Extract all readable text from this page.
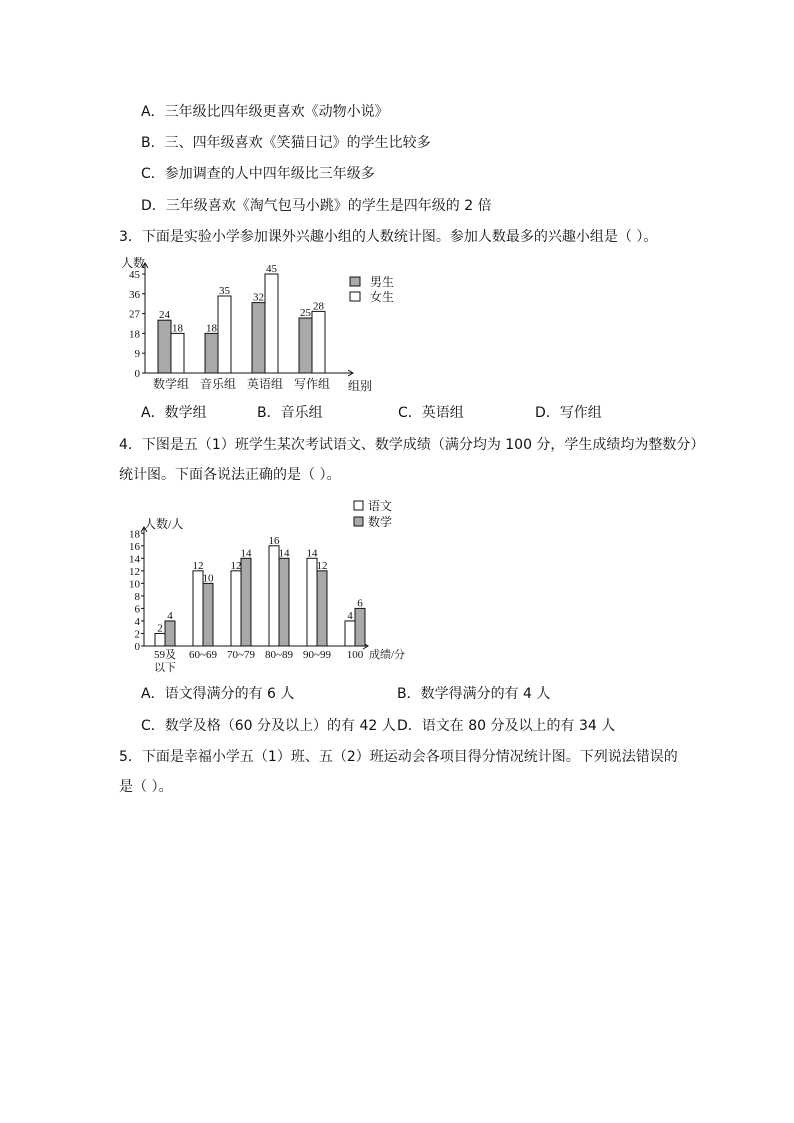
A．三年级比四年级更喜欢《动物小说》
B．三、四年级喜欢《笑猫日记》的学生比较多
C．参加调查的人中四年级比三年级多
D．三年级喜欢《淘气包马小跳》的学生是四年级的 2 倍
3．下面是实验小学参加课外兴趣小组的人数统计图。参加人数最多的兴趣小组是（ ）。
人数
组别
0
9
18
27
36
45
24
18
数学组
18
35
音乐组
32
45
英语组
25
28
写作组
男生
女生
A．数学组	B．音乐组	C．英语组	D．写作组
4．下图是五（1）班学生某次考试语文、数学成绩（满分均为 100 分，学生成绩均为整数分）
统计图。下面各说法正确的是（ ）。
人数/人
成绩/分
0
2
4
6
8
10
12
14
16
18
2
4
59及
以下
12
10
60~69
12
14
70~79
16
14
80~89
14
12
90~99
4
6
100
语文
数学
A．语文得满分的有 6 人	B．数学得满分的有 4 人
C．数学及格（60 分及以上）的有 42 人 D．语文在 80 分及以上的有 34 人
5．下面是幸福小学五（1）班、五（2）班运动会各项目得分情况统计图。下列说法错误的
是（ ）。
